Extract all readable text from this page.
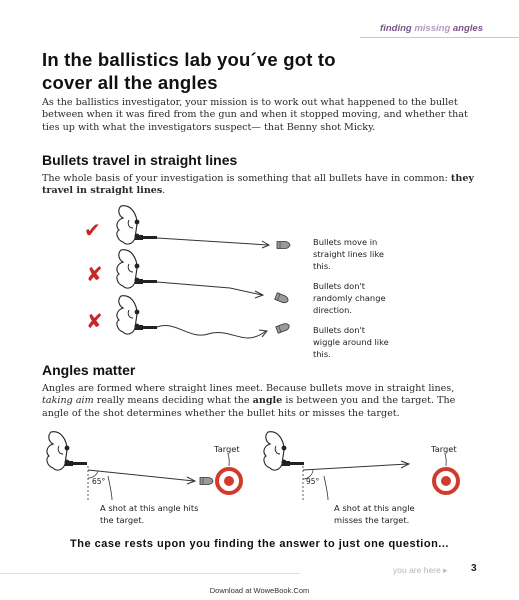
finding missing angles
In the ballistics lab you´ve got to cover all the angles
As the ballistics investigator, your mission is to work out what happened to the bullet between when it was fired from the gun and when it stopped moving, and whether that ties up with what the investigators suspect— that Benny shot Micky.
Bullets travel in straight lines
The whole basis of your investigation is something that all bullets have in common: they travel in straight lines.
✔
✘
✘
Bullets move in straight lines like this.
Bullets don't randomly change direction.
Bullets don't wiggle around like this.
Angles matter
Angles are formed where straight lines meet. Because bullets move in straight lines, taking aim really means deciding what the angle is between you and the target. The angle of the shot determines whether the bullet hits or misses the target.
Target	Target
65°	95°
A shot at this angle hits the target.
A shot at this angle misses the target.
The case rests upon you finding the answer to just one question...
you are here ▸ 3
Download at WoweBook.Com
